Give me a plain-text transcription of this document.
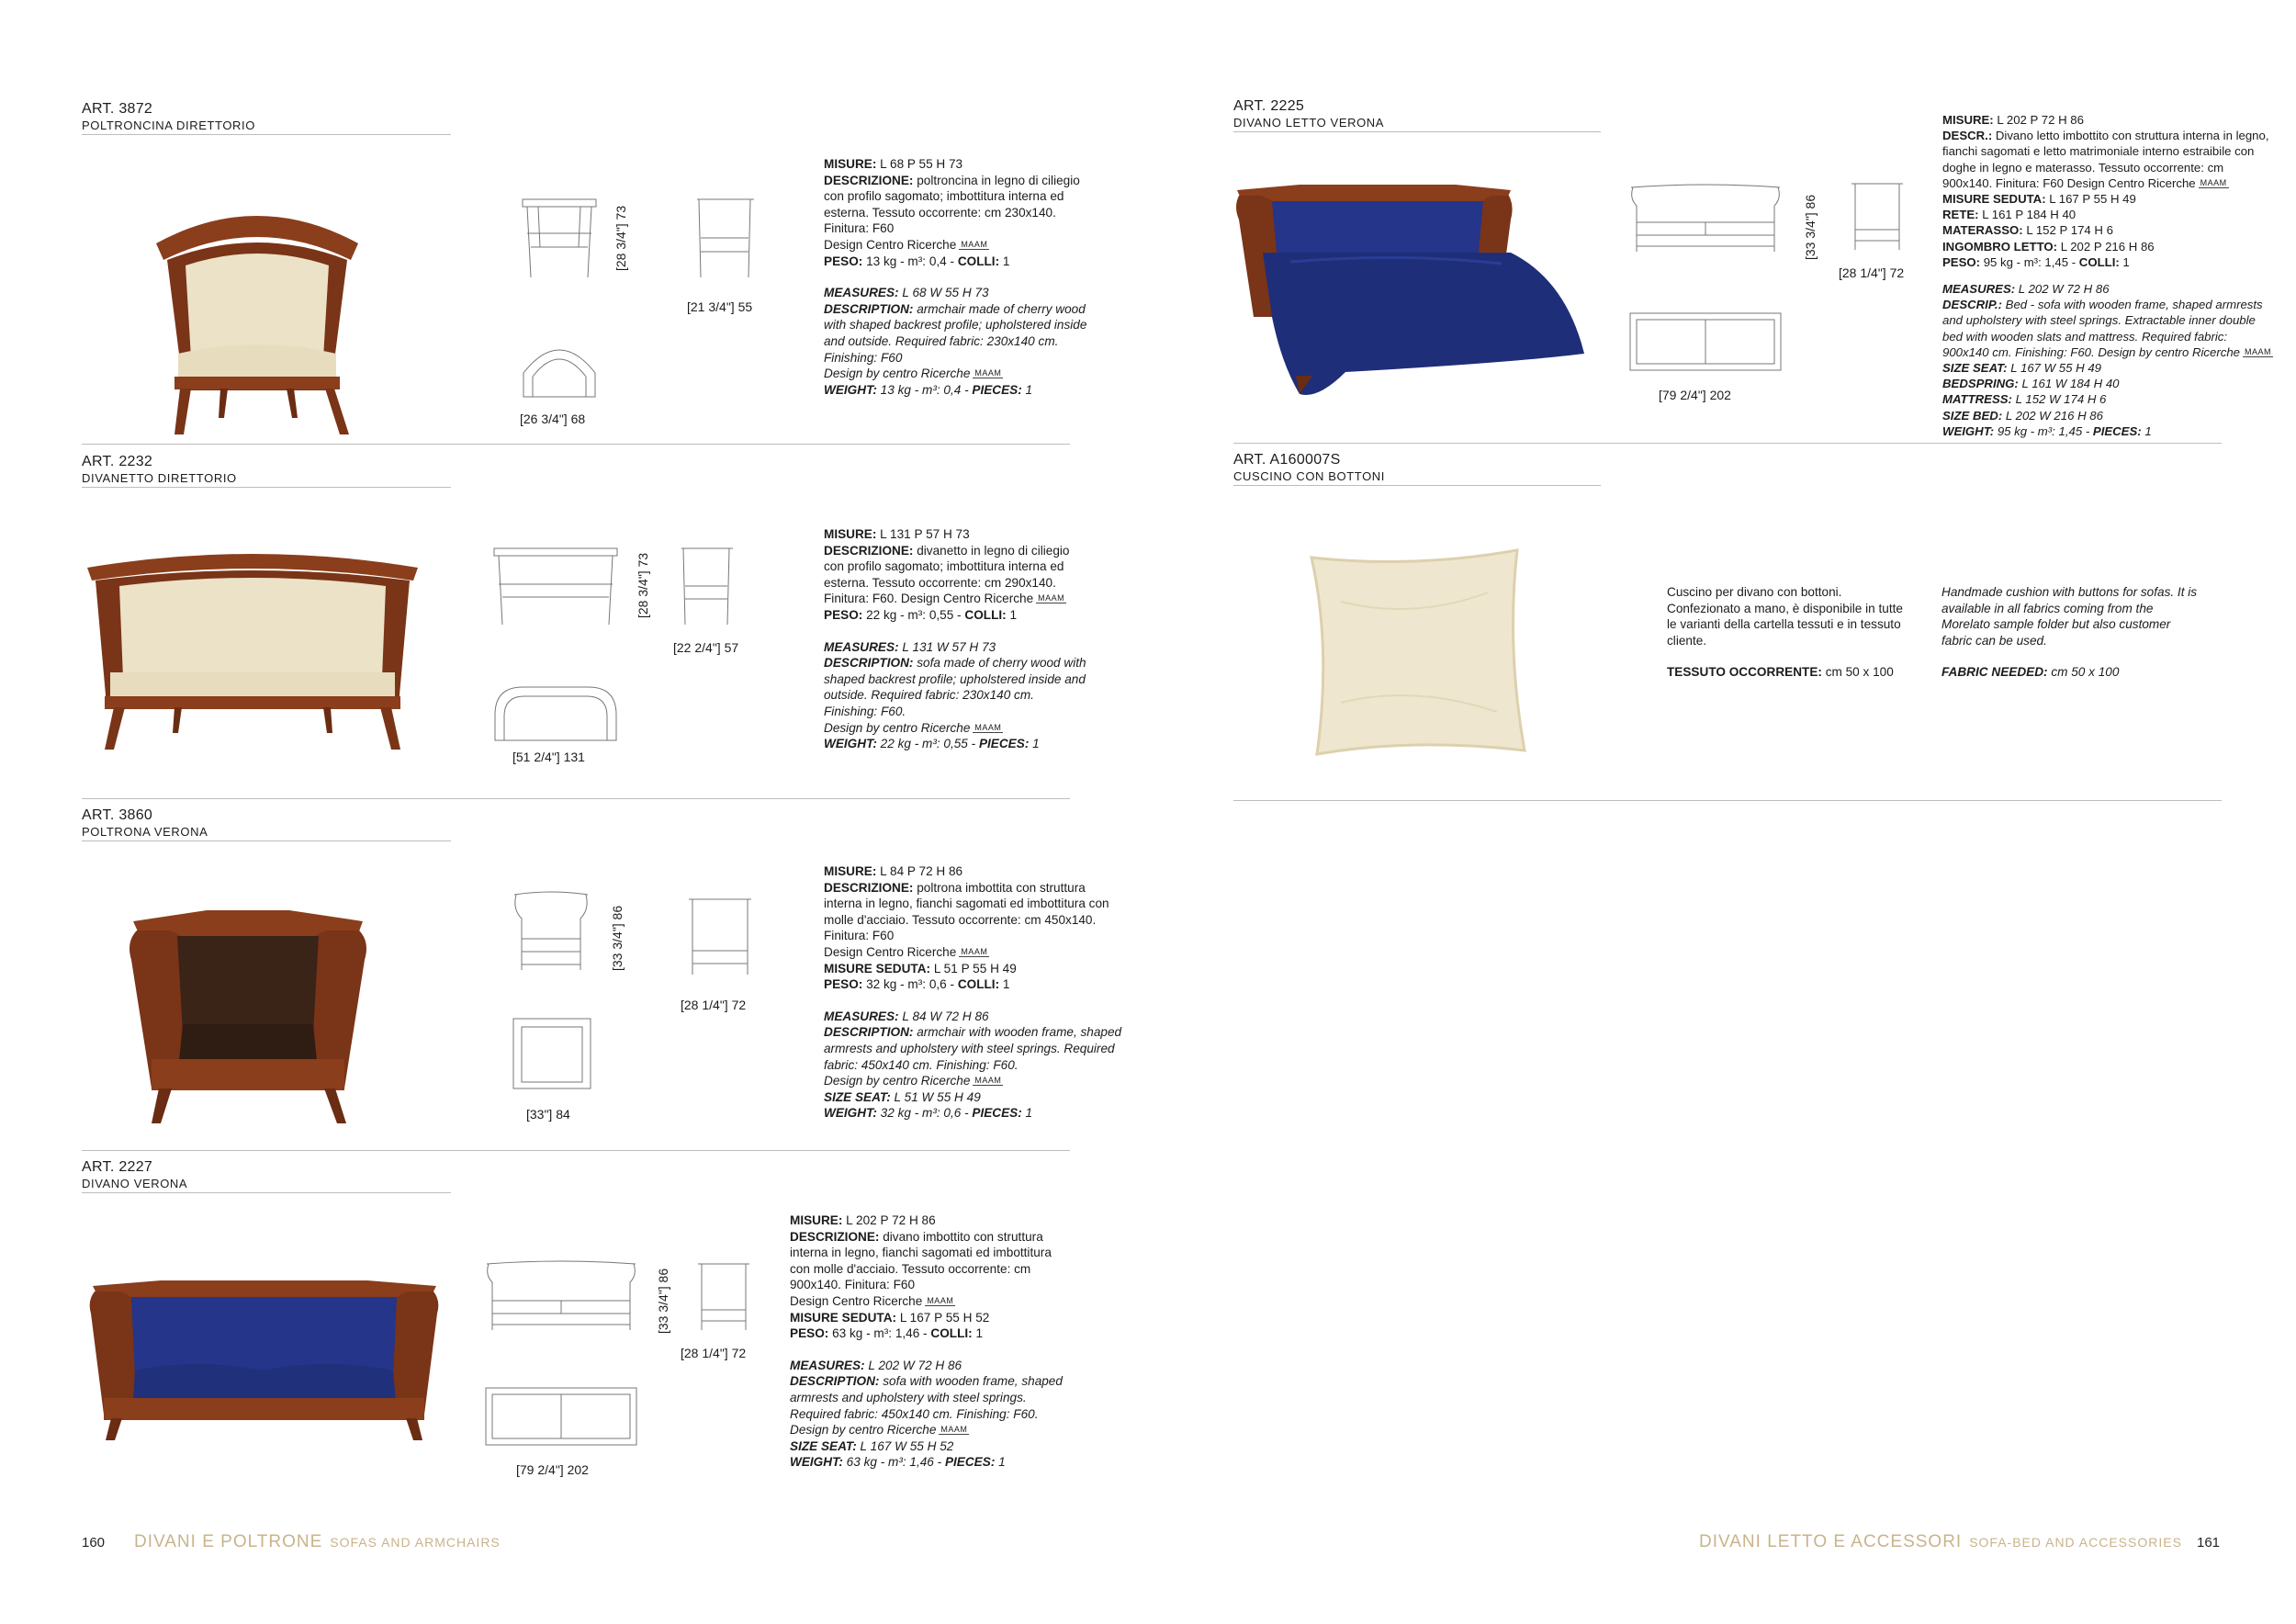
ART. 3872
POLTRONCINA DIRETTORIO
[28 3/4"] 73
[21 3/4"] 55
[26 3/4"] 68

MISURE: L 68 P 55 H 73

DESCRIZIONE: poltroncina in legno di ciliegio con profilo sagomato; imbottitura interna ed esterna. Tessuto occorrente: cm 230x140. Finitura: F60

Design Centro Ricerche MAAM

PESO: 13 kg - m³: 0,4 - COLLI: 1

MEASURES: L 68 W 55 H 73

DESCRIPTION: armchair made of cherry wood with shaped backrest profile; upholstered inside and outside. Required fabric: 230x140 cm. Finishing: F60

Design by centro Ricerche MAAM

WEIGHT: 13 kg - m³: 0,4 - PIECES: 1

ART. 2232
DIVANETTO DIRETTORIO
[28 3/4"] 73
[22 2/4"] 57
[51 2/4"] 131

MISURE: L 131 P 57 H 73

DESCRIZIONE: divanetto in legno di ciliegio con profilo sagomato; imbottitura interna ed esterna. Tessuto occorrente: cm 290x140. Finitura: F60. Design Centro Ricerche MAAM

PESO: 22 kg - m³: 0,55 - COLLI: 1

MEASURES: L 131 W 57 H 73

DESCRIPTION: sofa made of cherry wood with shaped backrest profile; upholstered inside and outside. Required fabric: 230x140 cm. Finishing: F60.

Design by centro Ricerche MAAM

WEIGHT: 22 kg - m³: 0,55 - PIECES: 1

ART. 3860
POLTRONA VERONA
[33 3/4"] 86
[28 1/4"] 72
[33"] 84

MISURE: L 84 P 72 H 86

DESCRIZIONE: poltrona imbottita con struttura interna in legno, fianchi sagomati ed imbottitura con molle d'acciaio. Tessuto occorrente: cm 450x140. Finitura: F60

Design Centro Ricerche MAAM

MISURE SEDUTA: L 51 P 55 H 49

PESO: 32 kg - m³: 0,6 - COLLI: 1

MEASURES: L 84 W 72 H 86

DESCRIPTION: armchair with wooden frame, shaped armrests and upholstery with steel springs. Required fabric: 450x140 cm. Finishing: F60.

Design by centro Ricerche MAAM

SIZE SEAT: L 51 W 55 H 49

WEIGHT: 32 kg - m³: 0,6 - PIECES: 1

ART. 2227
DIVANO VERONA
[33 3/4"] 86
[28 1/4"] 72
[79 2/4"] 202

MISURE: L 202 P 72 H 86

DESCRIZIONE: divano imbottito con struttura interna in legno, fianchi sagomati ed imbottitura con molle d'acciaio. Tessuto occorrente: cm 900x140. Finitura: F60

Design Centro Ricerche MAAM

MISURE SEDUTA: L 167 P 55 H 52

PESO: 63 kg - m³: 1,46 - COLLI: 1

MEASURES: L 202 W 72 H 86

DESCRIPTION: sofa with wooden frame, shaped armrests and upholstery with steel springs. Required fabric: 450x140 cm. Finishing: F60.

Design by centro Ricerche MAAM

SIZE SEAT: L 167 W 55 H 52

WEIGHT: 63 kg - m³: 1,46 - PIECES: 1

160 DIVANI E POLTRONE SOFAS AND ARMCHAIRS
ART. 2225
DIVANO LETTO VERONA
[33 3/4"] 86
[28 1/4"] 72
[79 2/4"] 202

MISURE: L 202 P 72 H 86

DESCR.: Divano letto imbottito con struttura interna in legno, fianchi sagomati e letto matrimoniale interno estraibile con doghe in legno e materasso. Tessuto occorrente: cm 900x140. Finitura: F60 Design Centro Ricerche MAAM

MISURE SEDUTA: L 167 P 55 H 49

RETE: L 161 P 184 H 40

MATERASSO: L 152 P 174 H 6

INGOMBRO LETTO: L 202 P 216 H 86

PESO: 95 kg - m³: 1,45 - COLLI: 1

MEASURES: L 202 W 72 H 86

DESCRIP.: Bed - sofa with wooden frame, shaped armrests and upholstery with steel springs. Extractable inner double bed with wooden slats and mattress. Required fabric: 900x140 cm. Finishing: F60. Design by centro Ricerche MAAM

SIZE SEAT: L 167 W 55 H 49

BEDSPRING: L 161 W 184 H 40

MATTRESS: L 152 W 174 H 6

SIZE BED: L 202 W 216 H 86

WEIGHT: 95 kg - m³: 1,45 - PIECES: 1

ART. A160007S
CUSCINO CON BOTTONI

Cuscino per divano con bottoni. Confezionato a mano, è disponibile in tutte le varianti della cartella tessuti e in tessuto cliente.

TESSUTO OCCORRENTE: cm 50 x 100

Handmade cushion with buttons for sofas. It is available in all fabrics coming from the Morelato sample folder but also customer fabric can be used.

FABRIC NEEDED: cm 50 x 100

DIVANI LETTO E ACCESSORI SOFA-BED AND ACCESSORIES 161
